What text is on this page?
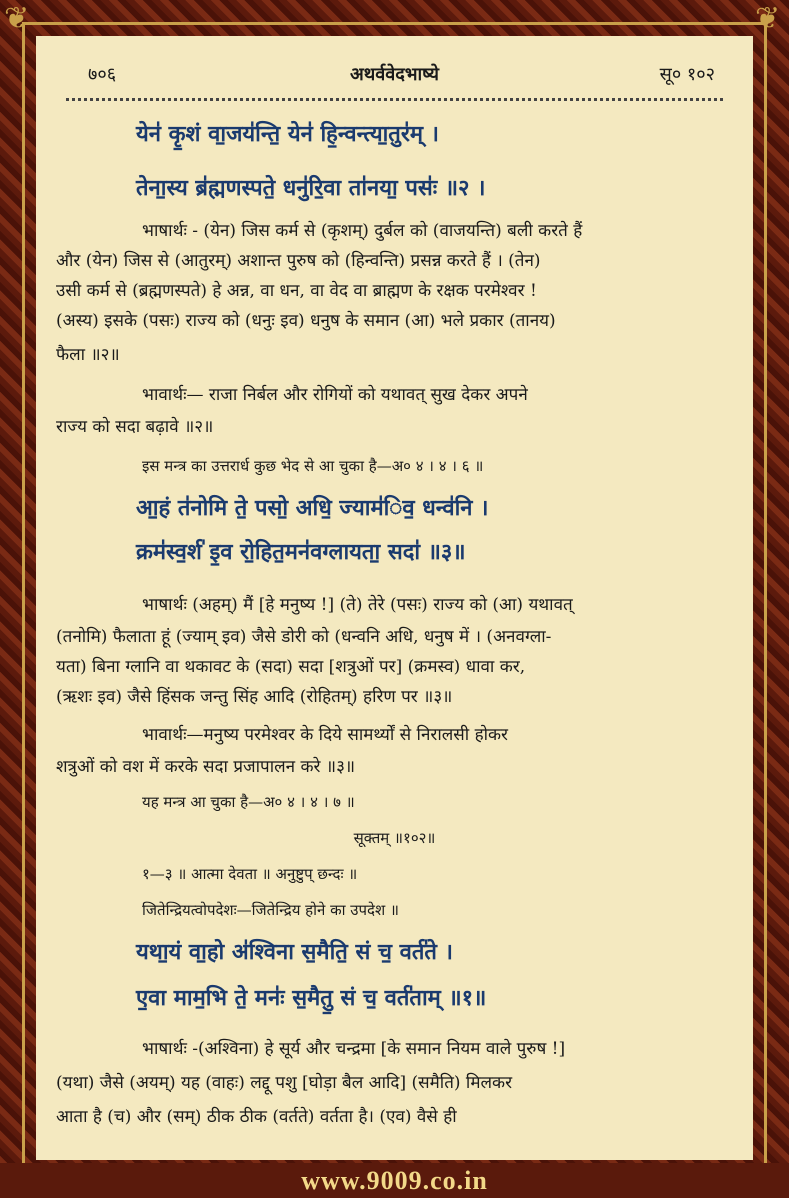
❦	❦
७०६	अथर्ववेदभाष्ये	सू० १०२
येन॑ कृ॒शं वा॒जय॑न्ति॒ येन॑ हि॒न्वन्त्या॒तुर॑म् ।
तेना॒स्य ब्र॑ह्मणस्पते॒ धनु॑रि॒वा ता॑नया॒ पसः॑ ॥२ ।
भाषार्थः - (येन) जिस कर्म से (कृशम्) दुर्बल को (वाजयन्ति) बली करते हैं
और (येन) जिस से (आतुरम्) अशान्त पुरुष को (हिन्वन्ति) प्रसन्न करते हैं । (तेन)
उसी कर्म से (ब्रह्मणस्पते) हे अन्न, वा धन, वा वेद वा ब्राह्मण के रक्षक परमेश्वर !
(अस्य) इसके (पसः) राज्य को (धनुः इव) धनुष के समान (आ) भले प्रकार (तानय)
फैला ॥२॥
भावार्थः— राजा निर्बल और रोगियों को यथावत् सुख देकर अपने
राज्य को सदा बढ़ावे ॥२॥
इस मन्त्र का उत्तरार्ध कुछ भेद से आ चुका है—अ० ४ । ४ । ६ ॥
आ॒हं त॑नोमि ते॒ पसो॒ अधि॒ ज्याम॑िव॒ धन्व॑नि ।
क्रम॑स्व॒र्श॑ इ॒व रो॒हित॒मन॑वग्लायता॒ सदा॑ ॥३॥
भाषार्थः (अहम्) मैं [हे मनुष्य !] (ते) तेरे (पसः) राज्य को (आ) यथावत्
(तनोमि) फैलाता हूं (ज्याम् इव) जैसे डोरी को (धन्वनि अधि, धनुष में । (अनवग्ला-
यता) बिना ग्लानि वा थकावट के (सदा) सदा [शत्रुओं पर] (क्रमस्व) धावा कर,
(ऋशः इव) जैसे हिंसक जन्तु सिंह आदि (रोहितम्) हरिण पर ॥३॥
भावार्थः—मनुष्य परमेश्वर के दिये सामर्थ्यों से निरालसी होकर
शत्रुओं को वश में करके सदा प्रजापालन करे ॥३॥
यह मन्त्र आ चुका है—अ० ४ । ४ । ७ ॥
सूक्तम् ॥१०२॥
१—३ ॥ आत्मा देवता ॥ अनुष्टुप् छन्दः ॥
जितेन्द्रियत्वोपदेशः—जितेन्द्रिय होने का उपदेश ॥
यथा॒यं वा॒हो अ॑श्विना स॒मैति॒ सं च॒ वर्त॑ते ।
ए॒वा माम॒भि ते॒ मनः॑ स॒मैतु॒ सं च॒ वर्त॑ताम् ॥१॥
भाषार्थः -(अश्विना) हे सूर्य और चन्द्रमा [के समान नियम वाले पुरुष !]
(यथा) जैसे (अयम्) यह (वाहः) लद्दू पशु [घोड़ा बैल आदि] (समैति) मिलकर
आता है (च) और (सम्) ठीक ठीक (वर्तते) वर्तता है। (एव) वैसे ही
www.9009.co.in
